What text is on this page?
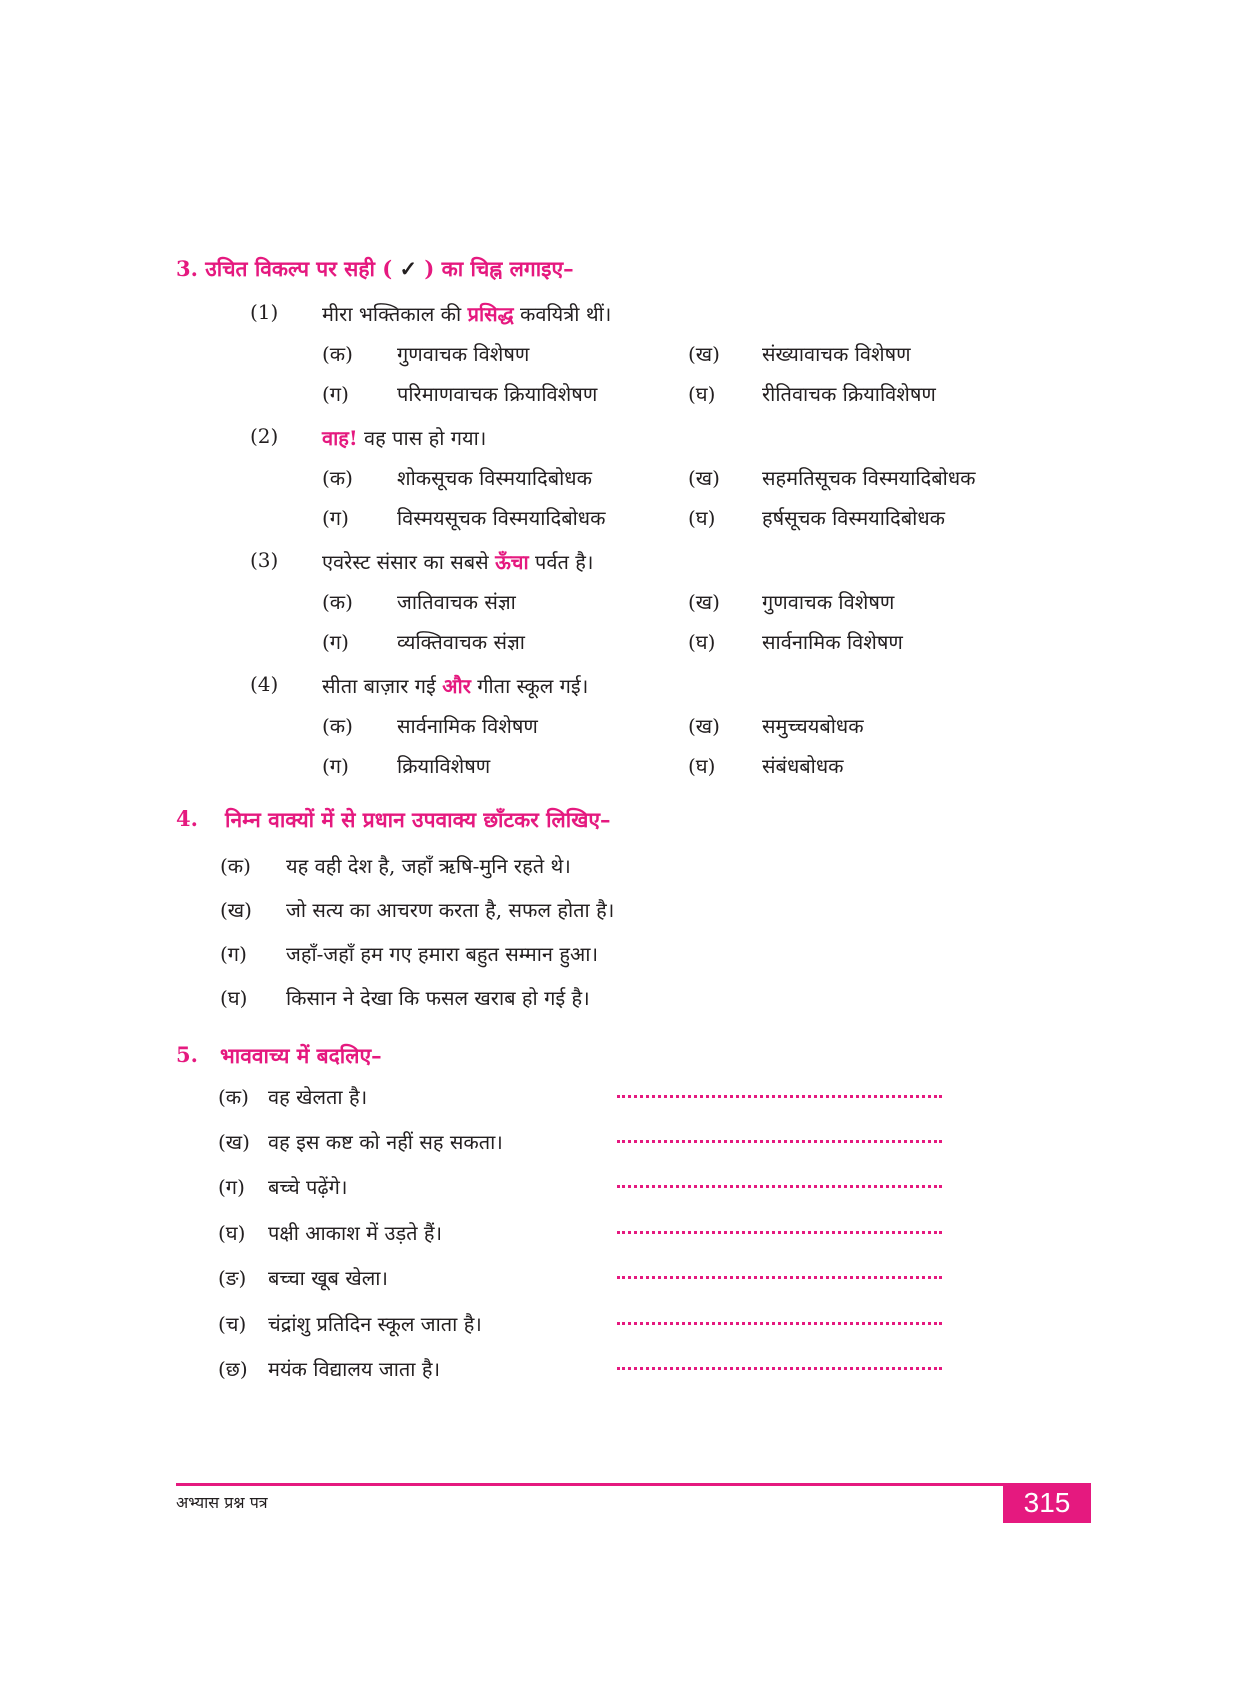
3. उचित विकल्प पर सही ( ✓ ) का चिह्न लगाइए–
(1) मीरा भक्तिकाल की प्रसिद्ध कवयित्री थीं।
(क) गुणवाचक विशेषण	(ख) संख्यावाचक विशेषण
(ग) परिमाणवाचक क्रियाविशेषण	(घ) रीतिवाचक क्रियाविशेषण
(2) वाह! वह पास हो गया।
(क) शोकसूचक विस्मयादिबोधक	(ख) सहमतिसूचक विस्मयादिबोधक
(ग) विस्मयसूचक विस्मयादिबोधक	(घ) हर्षसूचक विस्मयादिबोधक
(3) एवरेस्ट संसार का सबसे ऊँचा पर्वत है।
(क) जातिवाचक संज्ञा	(ख) गुणवाचक विशेषण
(ग) व्यक्तिवाचक संज्ञा	(घ) सार्वनामिक विशेषण
(4) सीता बाज़ार गई और गीता स्कूल गई।
(क) सार्वनामिक विशेषण	(ख) समुच्चयबोधक
(ग) क्रियाविशेषण	(घ) संबंधबोधक
4. निम्न वाक्यों में से प्रधान उपवाक्य छाँटकर लिखिए–
(क) यह वही देश है, जहाँ ऋषि-मुनि रहते थे।
(ख) जो सत्य का आचरण करता है, सफल होता है।
(ग) जहाँ-जहाँ हम गए हमारा बहुत सम्मान हुआ।
(घ) किसान ने देखा कि फसल खराब हो गई है।
5. भाववाच्य में बदलिए–
(क) वह खेलता है।
(ख) वह इस कष्ट को नहीं सह सकता।
(ग) बच्चे पढ़ेंगे।
(घ) पक्षी आकाश में उड़ते हैं।
(ङ) बच्चा खूब खेला।
(च) चंद्रांशु प्रतिदिन स्कूल जाता है।
(छ) मयंक विद्यालय जाता है।
अभ्यास प्रश्न पत्र	315
